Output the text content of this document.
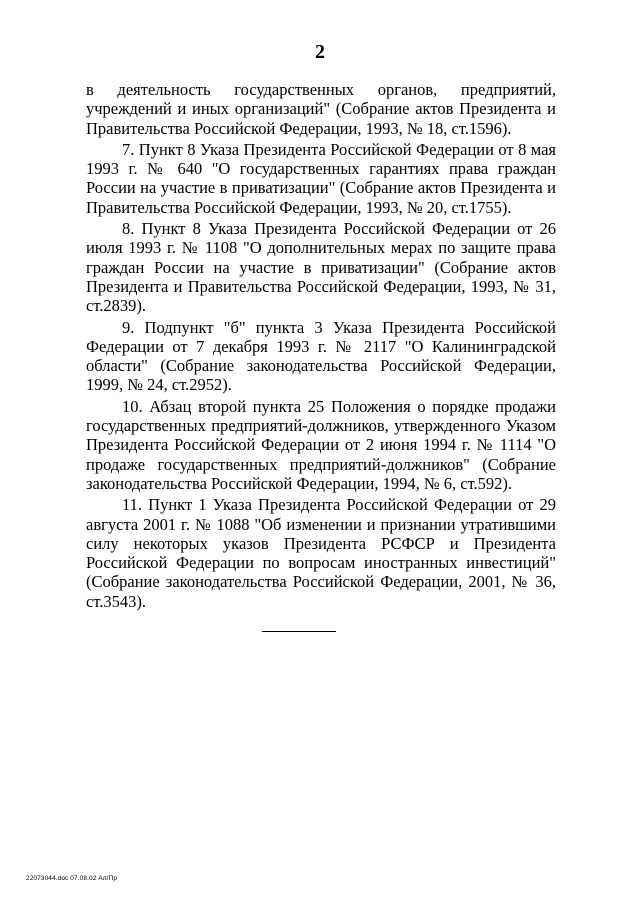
2

в деятельность государственных органов, предприятий, учреждений и иных организаций" (Собрание актов Президента и Правительства Российской Федерации, 1993, № 18, ст.1596).

7. Пункт 8 Указа Президента Российской Федерации от 8 мая 1993 г. № 640 "О государственных гарантиях права граждан России на участие в приватизации" (Собрание актов Президента и Правительства Российской Федерации, 1993, № 20, ст.1755).

8. Пункт 8 Указа Президента Российской Федерации от 26 июля 1993 г. № 1108 "О дополнительных мерах по защите права граждан России на участие в приватизации" (Собрание актов Президента и Правительства Российской Федерации, 1993, № 31, ст.2839).

9. Подпункт "б" пункта 3 Указа Президента Российской Федерации от 7 декабря 1993 г. № 2117 "О Калининградской области" (Собрание законодательства Российской Федерации, 1999, № 24, ст.2952).

10. Абзац второй пункта 25 Положения о порядке продажи государственных предприятий-должников, утвержденного Указом Президента Российской Федерации от 2 июня 1994 г. № 1114 "О продаже государственных предприятий-должников" (Собрание законодательства Российской Федерации, 1994, № 6, ст.592).

11. Пункт 1 Указа Президента Российской Федерации от 29 августа 2001 г. № 1088 "Об изменении и признании утратившими силу некоторых указов Президента РСФСР и Президента Российской Федерации по вопросам иностранных инвестиций" (Собрание законодательства Российской Федерации, 2001, № 36, ст.3543).

22073044.doc 07.08.02 Ал/Пр
